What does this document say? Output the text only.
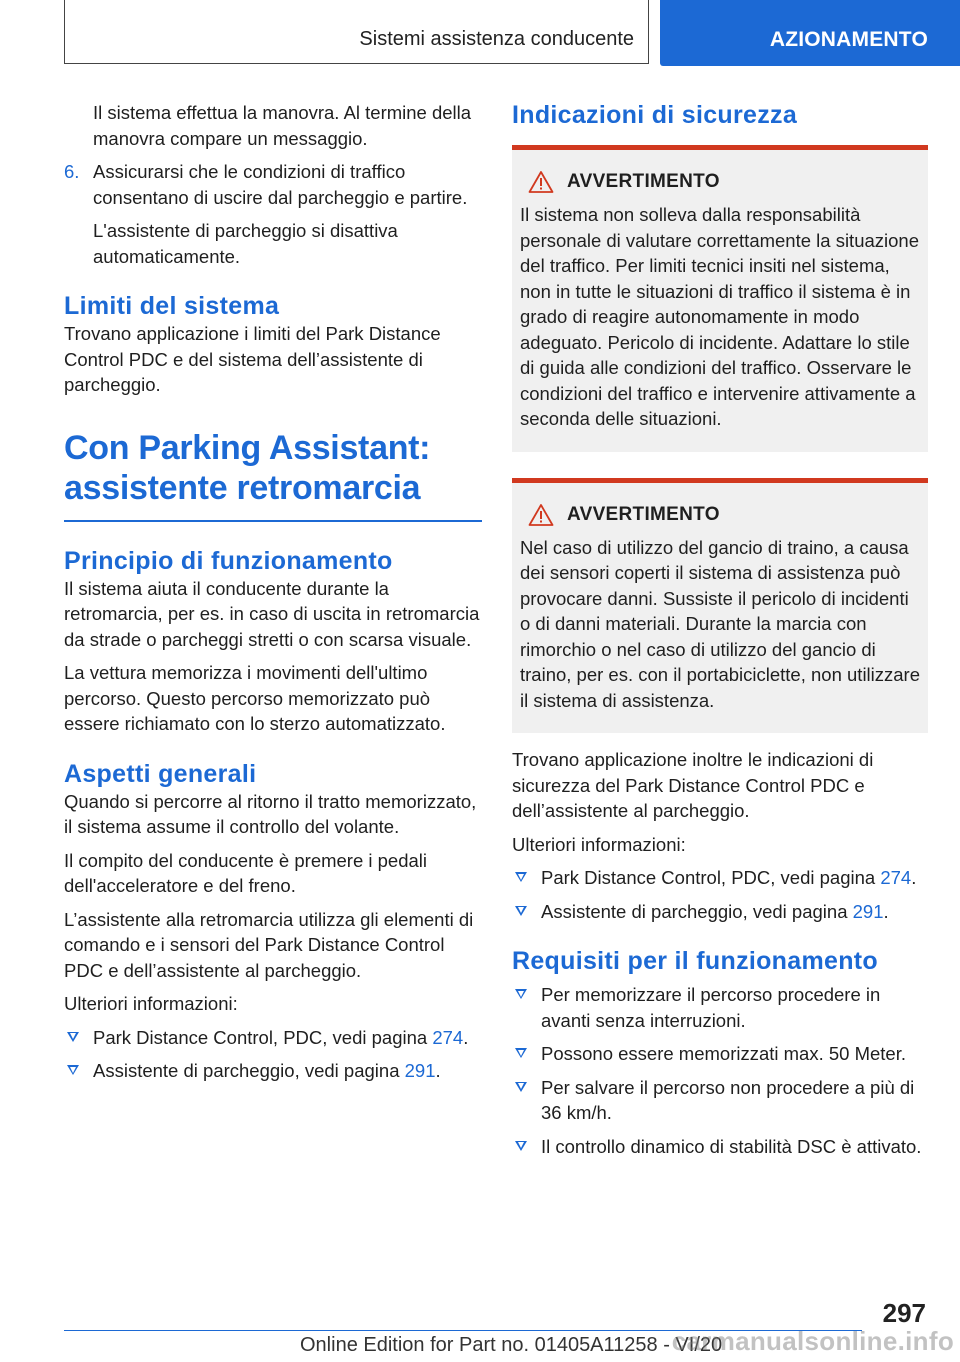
Sistemi assistenza conducente	AZIONAMENTO

Il sistema effettua la manovra. Al termine della manovra compare un messaggio.

6. Assicurarsi che le condizioni di traffico consentano di uscire dal parcheggio e partire.

L'assistente di parcheggio si disattiva automaticamente.

Limiti del sistema

Trovano applicazione i limiti del Park Distance Control PDC e del sistema dell’assistente di parcheggio.

Con Parking Assistant: assistente retromarcia
Principio di funzionamento

Il sistema aiuta il conducente durante la retromarcia, per es. in caso di uscita in retromarcia da strade o parcheggi stretti o con scarsa visuale.

La vettura memorizza i movimenti dell'ultimo percorso. Questo percorso memorizzato può essere richiamato con lo sterzo automatizzato.

Aspetti generali

Quando si percorre al ritorno il tratto memorizzato, il sistema assume il controllo del volante.

Il compito del conducente è premere i pedali dell'acceleratore e del freno.

L’assistente alla retromarcia utilizza gli elementi di comando e i sensori del Park Distance Control PDC e dell’assistente al parcheggio.

Ulteriori informazioni:

Park Distance Control, PDC, vedi pagina 274.

Assistente di parcheggio, vedi pagina 291.

Indicazioni di sicurezza
AVVERTIMENTO

Il sistema non solleva dalla responsabilità personale di valutare correttamente la situazione del traffico. Per limiti tecnici insiti nel sistema, non in tutte le situazioni di traffico il sistema è in grado di reagire autonomamente in modo adeguato. Pericolo di incidente. Adattare lo stile di guida alle condizioni del traffico. Osservare le condizioni del traffico e intervenire attivamente a seconda delle situazioni.

AVVERTIMENTO

Nel caso di utilizzo del gancio di traino, a causa dei sensori coperti il sistema di assistenza può provocare danni. Sussiste il pericolo di incidenti o di danni materiali. Durante la marcia con rimorchio o nel caso di utilizzo del gancio di traino, per es. con il portabiciclette, non utilizzare il sistema di assistenza.

Trovano applicazione inoltre le indicazioni di sicurezza del Park Distance Control PDC e dell’assistente al parcheggio.

Ulteriori informazioni:

Park Distance Control, PDC, vedi pagina 274.

Assistente di parcheggio, vedi pagina 291.

Requisiti per il funzionamento

Per memorizzare il percorso procedere in avanti senza interruzioni.

Possono essere memorizzati max. 50 Meter.

Per salvare il percorso non procedere a più di 36 km/h.

Il controllo dinamico di stabilità DSC è attivato.

297
Online Edition for Part no. 01405A11258 - VI/20
carmanualsonline.info
